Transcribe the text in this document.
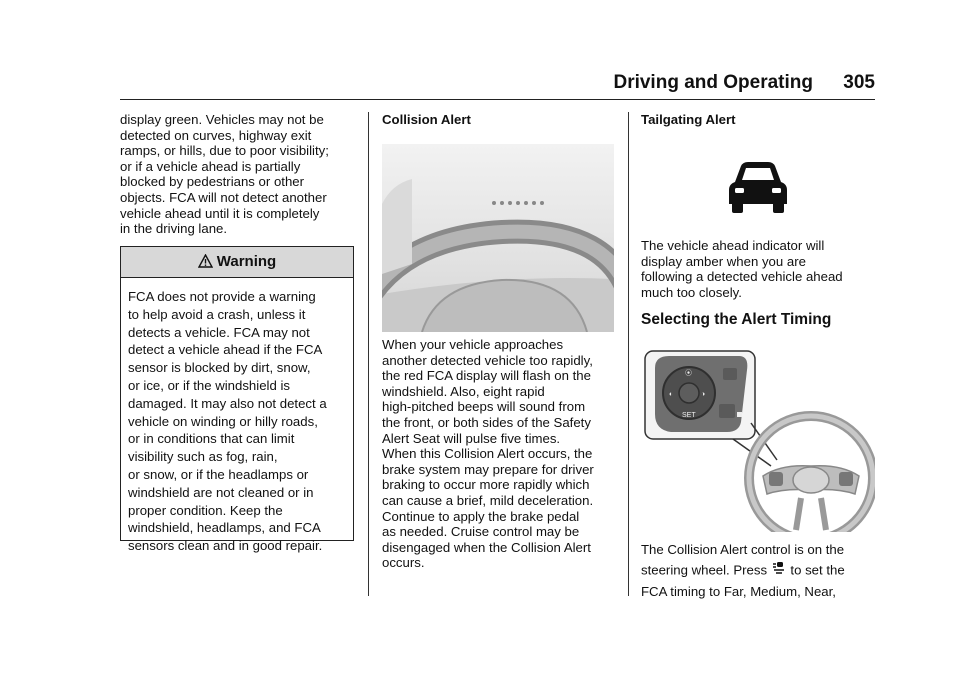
Driving and Operating 305

display green. Vehicles may not be

detected on curves, highway exit

ramps, or hills, due to poor visibility;

or if a vehicle ahead is partially

blocked by pedestrians or other

objects. FCA will not detect another

vehicle ahead until it is completely

in the driving lane.

Warning

FCA does not provide a warning

to help avoid a crash, unless it

detects a vehicle. FCA may not

detect a vehicle ahead if the FCA

sensor is blocked by dirt, snow,

or ice, or if the windshield is

damaged. It may also not detect a

vehicle on winding or hilly roads,

or in conditions that can limit

visibility such as fog, rain,

or snow, or if the headlamps or

windshield are not cleaned or in

proper condition. Keep the

windshield, headlamps, and FCA

sensors clean and in good repair.

Collision Alert

When your vehicle approaches

another detected vehicle too rapidly,

the red FCA display will flash on the

windshield. Also, eight rapid

high-pitched beeps will sound from

the front, or both sides of the Safety

Alert Seat will pulse five times.

When this Collision Alert occurs, the

brake system may prepare for driver

braking to occur more rapidly which

can cause a brief, mild deceleration.

Continue to apply the brake pedal

as needed. Cruise control may be

disengaged when the Collision Alert

occurs.

Tailgating Alert

The vehicle ahead indicator will

display amber when you are

following a detected vehicle ahead

much too closely.

Selecting the Alert Timing
⦿
◐	◑
SET

The Collision Alert control is on the

steering wheel. Press to set the

FCA timing to Far, Medium, Near,
